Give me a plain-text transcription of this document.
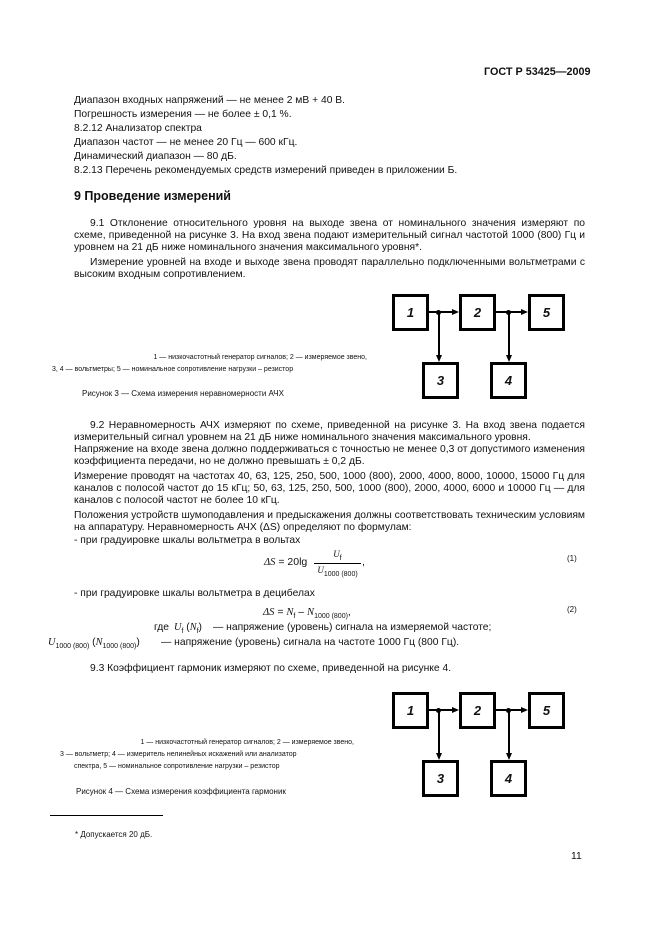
ГОСТ Р 53425—2009
Диапазон входных напряжений — не менее 2 мВ + 40 В.
Погрешность измерения — не более ± 0,1 %.
8.2.12 Анализатор спектра
Диапазон частот — не менее 20 Гц — 600 кГц.
Динамический диапазон — 80 дБ.
8.2.13 Перечень рекомендуемых средств измерений приведен в приложении Б.
9 Проведение измерений
9.1 Отклонение относительного уровня на выходе звена от номинального значения измеряют по схеме, приведенной на рисунке 3. На вход звена подают измерительный сигнал частотой 1000 (800) Гц и уровнем на 21 дБ ниже номинального значения максимального уровня*.
Измерение уровней на входе и выходе звена проводят параллельно подключенными вольтметрами с высоким входным сопротивлением.
1	2	5
3	4
1 — низкочастотный генератор сигналов; 2 — измеряемое звено,
3, 4 — вольтметры; 5 — номинальное сопротивление нагрузки – резистор
Рисунок 3 — Схема измерения неравномерности АЧХ
9.2 Неравномерность АЧХ измеряют по схеме, приведенной на рисунке 3. На вход звена подается измерительный сигнал уровнем на 21 дБ ниже номинального значения максимального уровня.
Напряжение на входе звена должно поддерживаться с точностью не менее 0,3 от допустимого изменения коэффициента передачи, но не должно превышать ± 0,2 дБ.
Измерение проводят на частотах 40, 63, 125, 250, 500, 1000 (800), 2000, 4000, 8000, 10000, 15000 Гц для каналов с полосой частот до 15 кГц; 50, 63, 125, 250, 500, 1000 (800), 2000, 4000, 6000 и 10000 Гц — для каналов с полосой частот не более 10 кГц.
Положения устройств шумоподавления и предыскажения должны соответствовать техническим условиям на аппаратуру. Неравномерность АЧХ (ΔS) определяют по формулам:
- при градуировке шкалы вольтметра в вольтах
ΔS = 20lg
$U_f$
$U_{1000 (800)}$
,	(1)
- при градуировке шкалы вольтметра в децибелах
$\Delta S = N_f - N_{1000 (800)}$,	(2)
где $U_f$ $(N_f)$ — напряжение (уровень) сигнала на измеряемой частоте;
$U_{1000 (800)}$ $(N_{1000 (800)})$ — напряжение (уровень) сигнала на частоте 1000 Гц (800 Гц).
9.3 Коэффициент гармоник измеряют по схеме, приведенной на рисунке 4.
1	2	5
3	4
1 — низкочастотный генератор сигналов; 2 — измеряемое звено,
3 — вольтметр; 4 — измеритель нелинейных искажений или анализатор
спектра, 5 — номинальное сопротивление нагрузки – резистор
Рисунок 4 — Схема измерения коэффициента гармоник
* Допускается 20 дБ.
11
